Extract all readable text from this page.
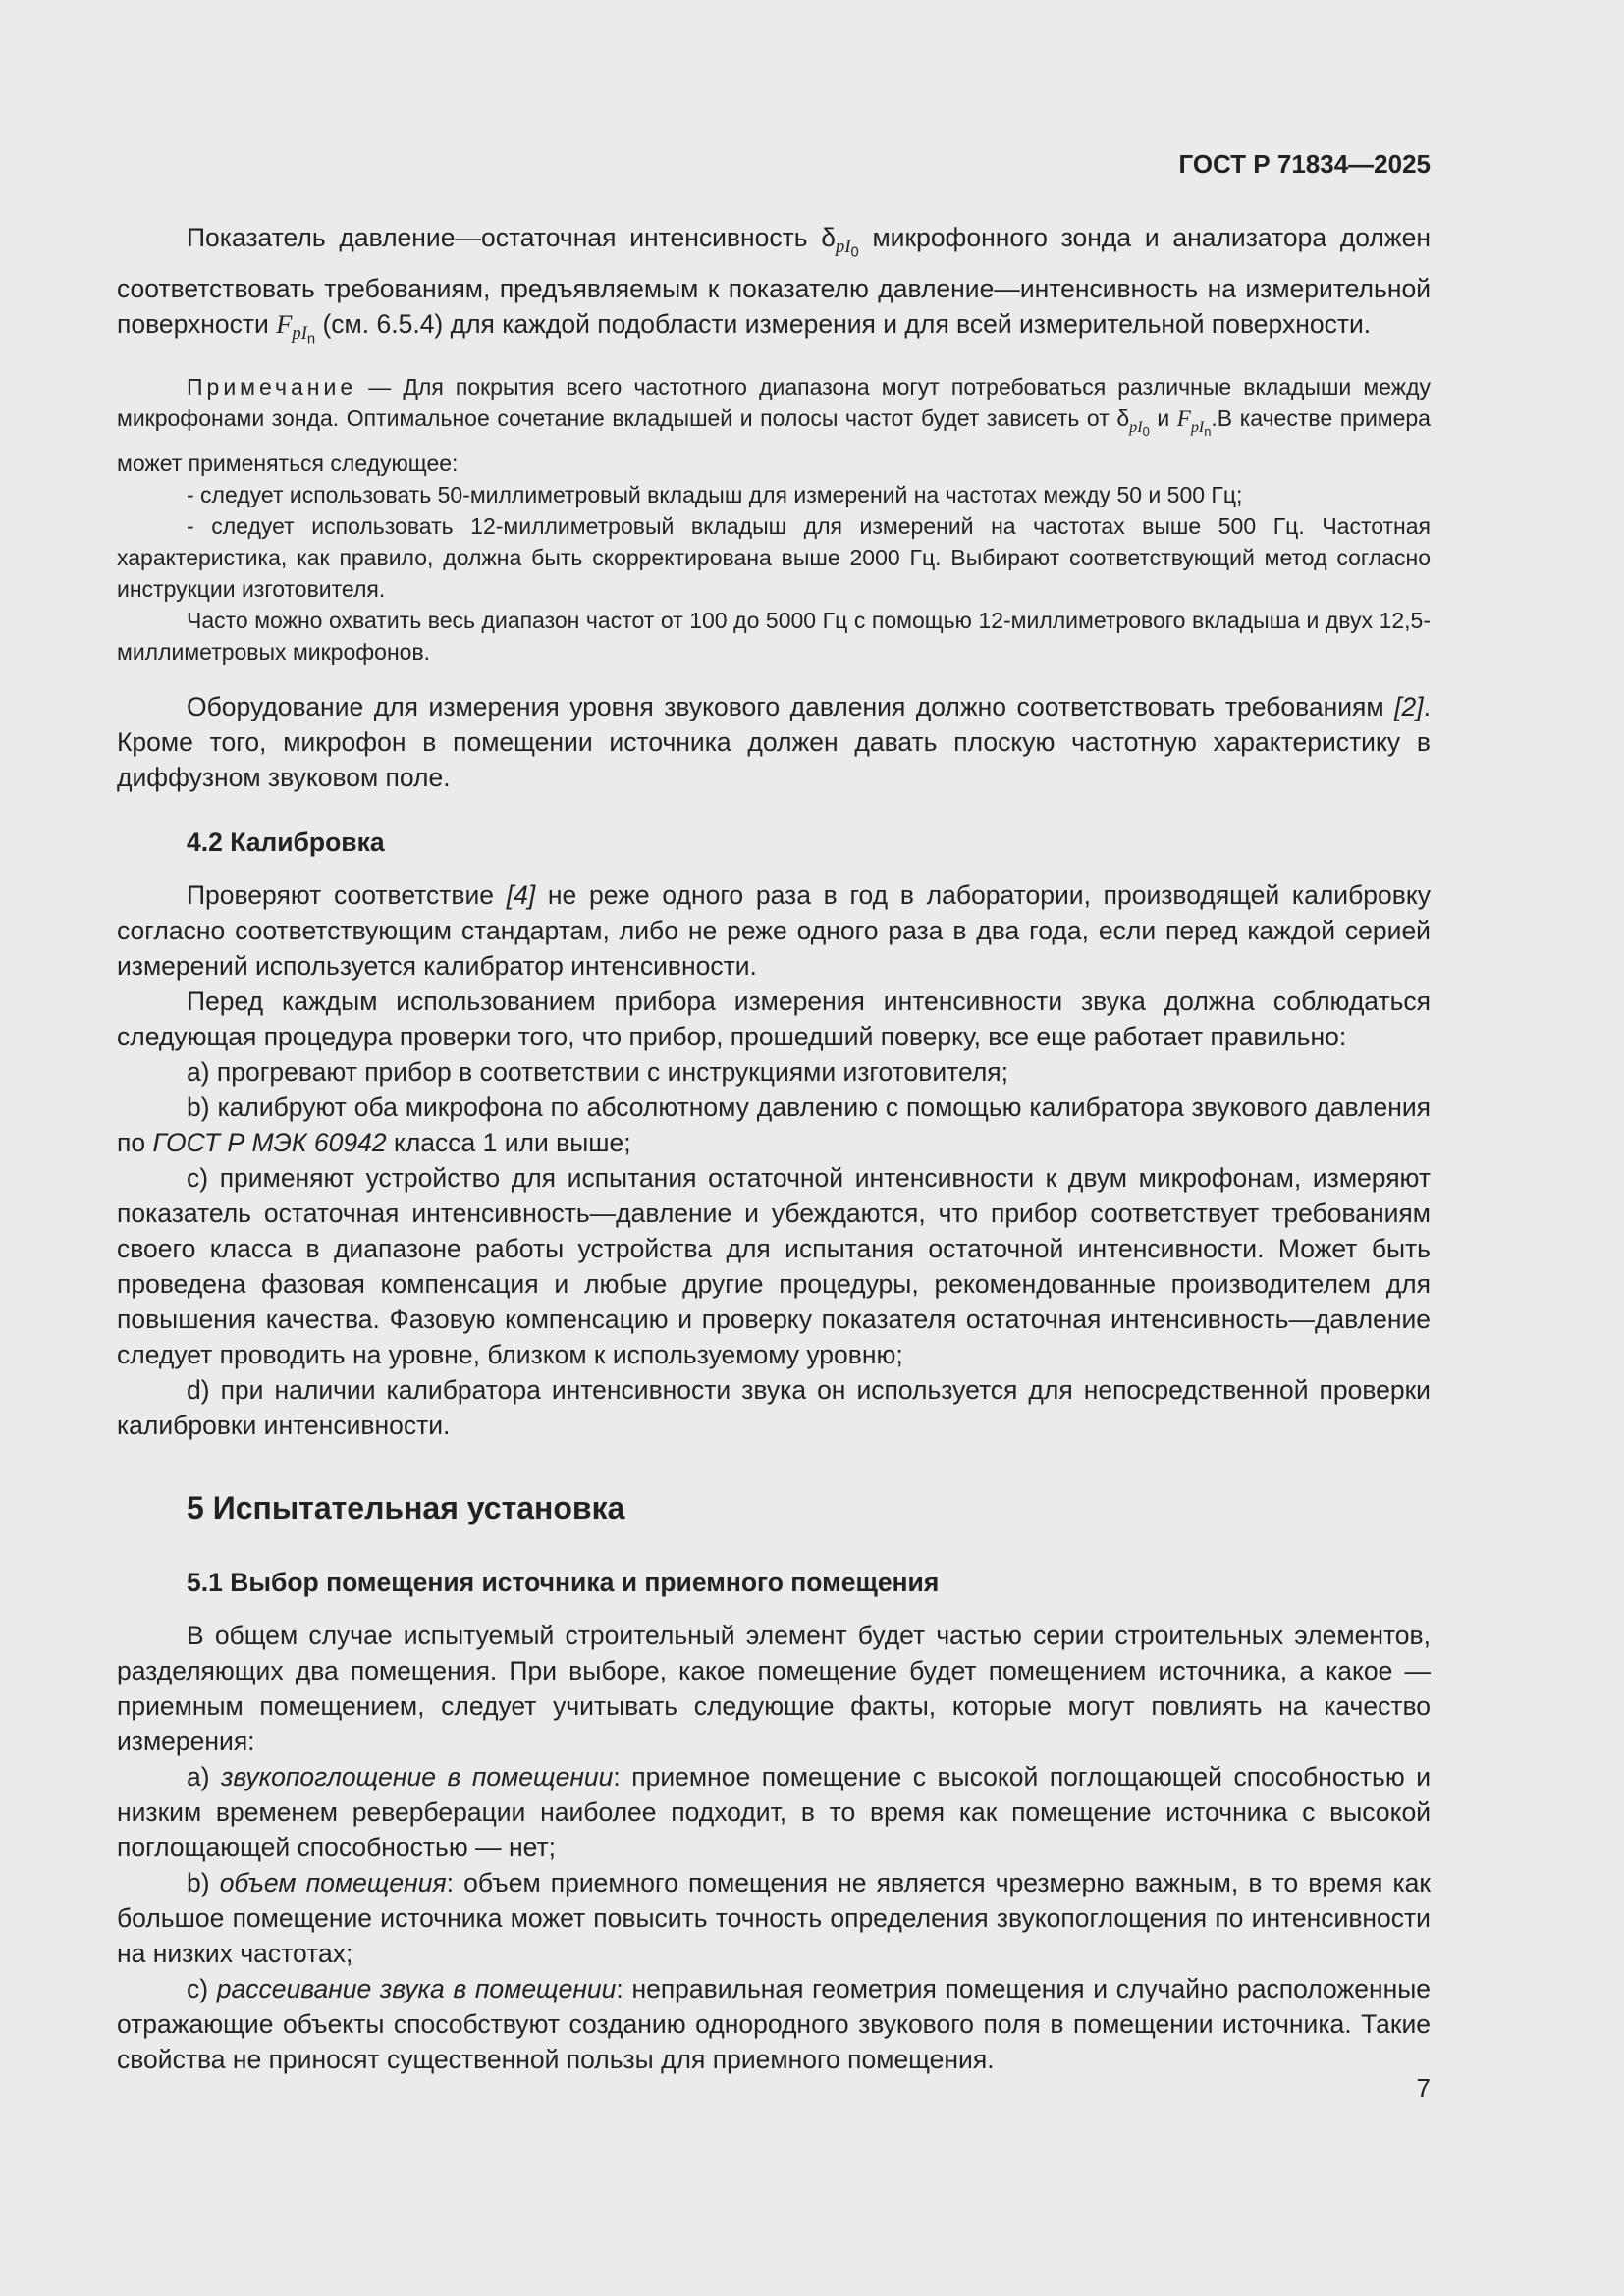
ГОСТ Р 71834—2025

Показатель давление—остаточная интенсивность $\delta_{pI_0}$ микрофонного зонда и анализатора должен соответствовать требованиям, предъявляемым к показателю давление—интенсивность на измерительной поверхности $F_{pI_n}$ (см. 6.5.4) для каждой подобласти измерения и для всей измерительной поверхности.

Примечание — Для покрытия всего частотного диапазона могут потребоваться различные вкладыши между микрофонами зонда. Оптимальное сочетание вкладышей и полосы частот будет зависеть от $\delta_{pI_0}$ и $F_{pI_n}.В$ качестве примера может применяться следующее:

- следует использовать 50-миллиметровый вкладыш для измерений на частотах между 50 и 500 Гц;

- следует использовать 12-миллиметровый вкладыш для измерений на частотах выше 500 Гц. Частотная характеристика, как правило, должна быть скорректирована выше 2000 Гц. Выбирают соответствующий метод согласно инструкции изготовителя.

Часто можно охватить весь диапазон частот от 100 до 5000 Гц с помощью 12-миллиметрового вкладыша и двух 12,5-миллиметровых микрофонов.

Оборудование для измерения уровня звукового давления должно соответствовать требованиям [2]. Кроме того, микрофон в помещении источника должен давать плоскую частотную характеристику в диффузном звуковом поле.

4.2 Калибровка

Проверяют соответствие [4] не реже одного раза в год в лаборатории, производящей калибровку согласно соответствующим стандартам, либо не реже одного раза в два года, если перед каждой серией измерений используется калибратор интенсивности.

Перед каждым использованием прибора измерения интенсивности звука должна соблюдаться следующая процедура проверки того, что прибор, прошедший поверку, все еще работает правильно:

a) прогревают прибор в соответствии с инструкциями изготовителя;

b) калибруют оба микрофона по абсолютному давлению с помощью калибратора звукового давления по ГОСТ Р МЭК 60942 класса 1 или выше;

c) применяют устройство для испытания остаточной интенсивности к двум микрофонам, измеряют показатель остаточная интенсивность—давление и убеждаются, что прибор соответствует требованиям своего класса в диапазоне работы устройства для испытания остаточной интенсивности. Может быть проведена фазовая компенсация и любые другие процедуры, рекомендованные производителем для повышения качества. Фазовую компенсацию и проверку показателя остаточная интенсивность—давление следует проводить на уровне, близком к используемому уровню;

d) при наличии калибратора интенсивности звука он используется для непосредственной проверки калибровки интенсивности.

5 Испытательная установка
5.1 Выбор помещения источника и приемного помещения

В общем случае испытуемый строительный элемент будет частью серии строительных элементов, разделяющих два помещения. При выборе, какое помещение будет помещением источника, а какое — приемным помещением, следует учитывать следующие факты, которые могут повлиять на качество измерения:

a) звукопоглощение в помещении: приемное помещение с высокой поглощающей способностью и низким временем реверберации наиболее подходит, в то время как помещение источника с высокой поглощающей способностью — нет;

b) объем помещения: объем приемного помещения не является чрезмерно важным, в то время как большое помещение источника может повысить точность определения звукопоглощения по интенсивности на низких частотах;

c) рассеивание звука в помещении: неправильная геометрия помещения и случайно расположенные отражающие объекты способствуют созданию однородного звукового поля в помещении источника. Такие свойства не приносят существенной пользы для приемного помещения.

7
